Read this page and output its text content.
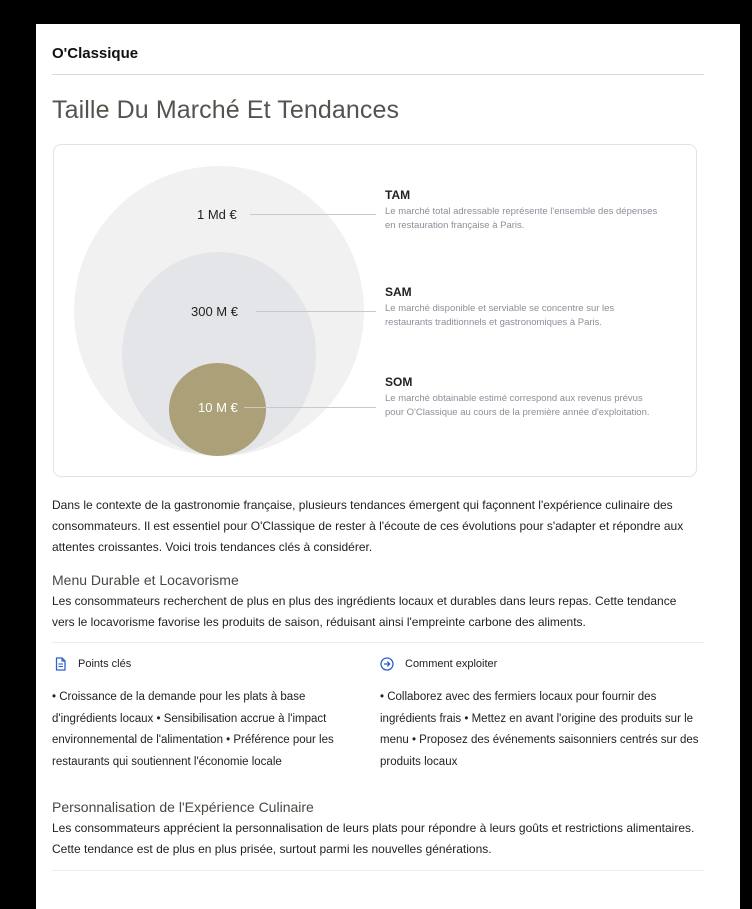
O'Classique
Taille Du Marché Et Tendances
1 Md €
300 M €
10 M €
TAM
Le marché total adressable représente l'ensemble des dépenses en restauration française à Paris.
SAM
Le marché disponible et serviable se concentre sur les restaurants traditionnels et gastronomiques à Paris.
SOM
Le marché obtainable estimé correspond aux revenus prévus pour O'Classique au cours de la première année d'exploitation.
Dans le contexte de la gastronomie française, plusieurs tendances émergent qui façonnent l'expérience culinaire des consommateurs. Il est essentiel pour O'Classique de rester à l'écoute de ces évolutions pour s'adapter et répondre aux attentes croissantes. Voici trois tendances clés à considérer.
Menu Durable et Locavorisme
Les consommateurs recherchent de plus en plus des ingrédients locaux et durables dans leurs repas. Cette tendance vers le locavorisme favorise les produits de saison, réduisant ainsi l'empreinte carbone des aliments.
Points clés
• Croissance de la demande pour les plats à base d'ingrédients locaux • Sensibilisation accrue à l'impact environnemental de l'alimentation • Préférence pour les restaurants qui soutiennent l'économie locale
Comment exploiter
• Collaborez avec des fermiers locaux pour fournir des ingrédients frais • Mettez en avant l'origine des produits sur le menu • Proposez des événements saisonniers centrés sur des produits locaux
Personnalisation de l'Expérience Culinaire
Les consommateurs apprécient la personnalisation de leurs plats pour répondre à leurs goûts et restrictions alimentaires. Cette tendance est de plus en plus prisée, surtout parmi les nouvelles générations.
